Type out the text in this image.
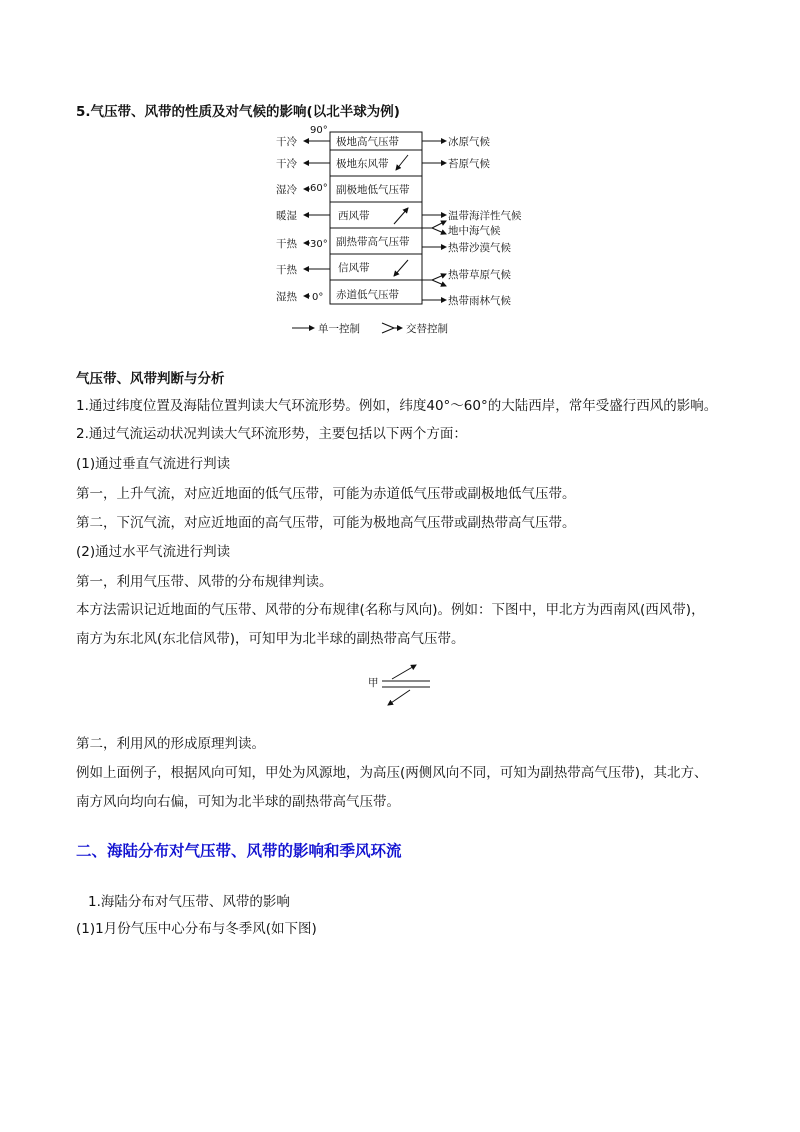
5.气压带、风带的性质及对气候的影响(以北半球为例)
极地高气压带
极地东风带
副极地低气压带
西风带
副热带高气压带
信风带
赤道低气压带
90°
60°
30°
0°
干冷
干冷
湿冷
暖湿
干热
干热
湿热
冰原气候
苔原气候
温带海洋性气候
地中海气候
热带沙漠气候
热带草原气候
热带雨林气候
单一控制	交替控制
气压带、风带判断与分析
1.通过纬度位置及海陆位置判读大气环流形势。例如，纬度40°～60°的大陆西岸，常年受盛行西风的影响。
2.通过气流运动状况判读大气环流形势，主要包括以下两个方面：
(1)通过垂直气流进行判读
第一，上升气流，对应近地面的低气压带，可能为赤道低气压带或副极地低气压带。
第二，下沉气流，对应近地面的高气压带，可能为极地高气压带或副热带高气压带。
(2)通过水平气流进行判读
第一，利用气压带、风带的分布规律判读。
本方法需识记近地面的气压带、风带的分布规律(名称与风向)。例如：下图中，甲北方为西南风(西风带)，
南方为东北风(东北信风带)，可知甲为北半球的副热带高气压带。
甲
第二，利用风的形成原理判读。
例如上面例子，根据风向可知，甲处为风源地，为高压(两侧风向不同，可知为副热带高气压带)，其北方、
南方风向均向右偏，可知为北半球的副热带高气压带。
二、海陆分布对气压带、风带的影响和季风环流
1.海陆分布对气压带、风带的影响
(1)1月份气压中心分布与冬季风(如下图)
